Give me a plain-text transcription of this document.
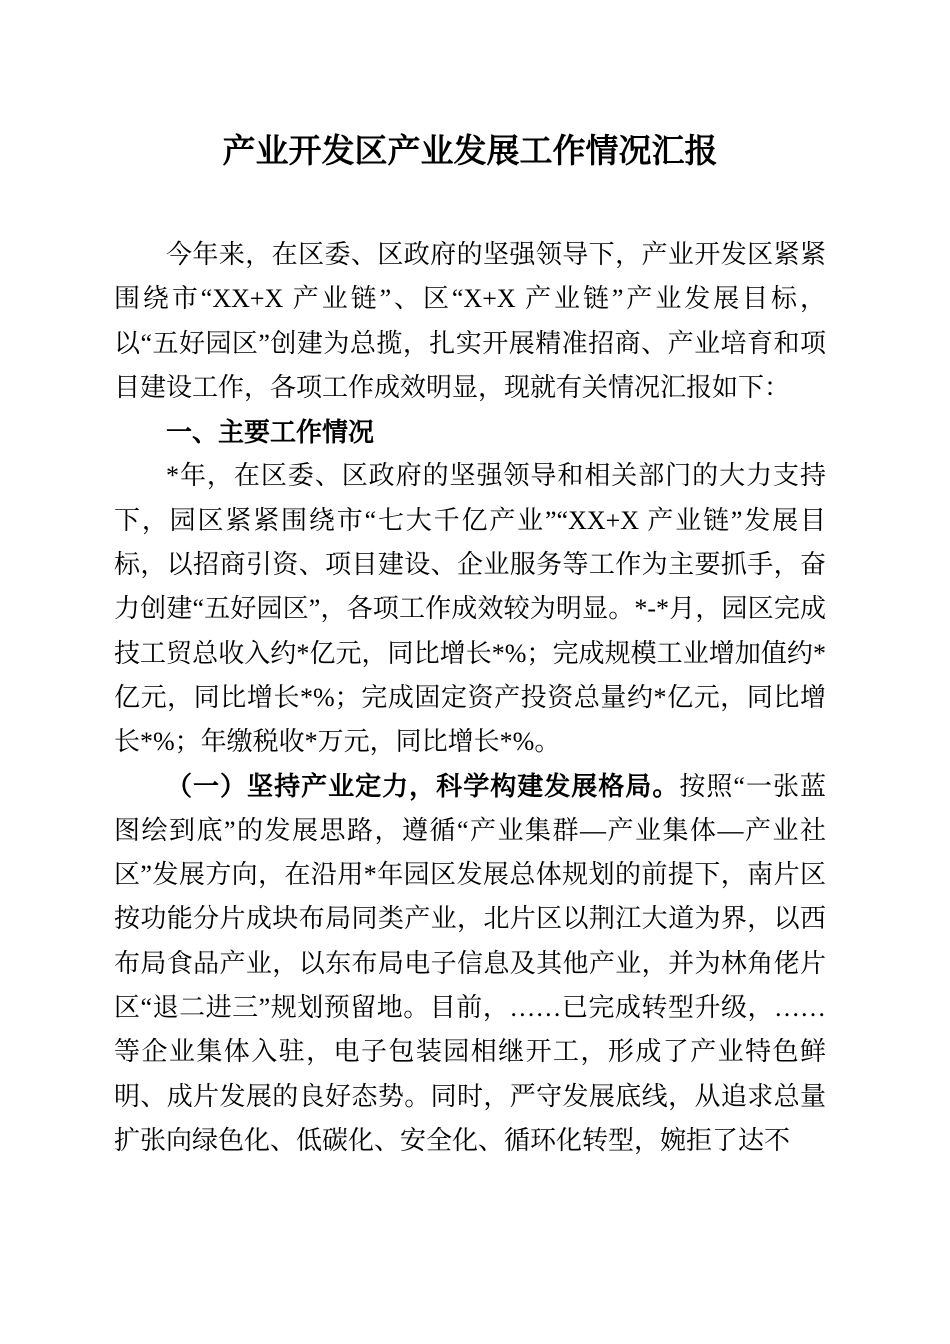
产业开发区产业发展工作情况汇报

今年来，在区委、区政府的坚强领导下，产业开发区紧紧围绕市“XX+X 产业链”、区“X+X 产业链”产业发展目标，以“五好园区”创建为总揽，扎实开展精准招商、产业培育和项目建设工作，各项工作成效明显，现就有关情况汇报如下：

一、主要工作情况

*年，在区委、区政府的坚强领导和相关部门的大力支持下，园区紧紧围绕市“七大千亿产业”“XX+X 产业链”发展目标，以招商引资、项目建设、企业服务等工作为主要抓手，奋力创建“五好园区”，各项工作成效较为明显。*-*月，园区完成技工贸总收入约*亿元，同比增长*%；完成规模工业增加值约*亿元，同比增长*%；完成固定资产投资总量约*亿元，同比增长*%；年缴税收*万元，同比增长*%。

（一）坚持产业定力，科学构建发展格局。按照“一张蓝图绘到底”的发展思路，遵循“产业集群—产业集体—产业社区”发展方向，在沿用*年园区发展总体规划的前提下，南片区按功能分片成块布局同类产业，北片区以荆江大道为界，以西布局食品产业，以东布局电子信息及其他产业，并为林角佬片区“退二进三”规划预留地。目前，……已完成转型升级，……等企业集体入驻，电子包装园相继开工，形成了产业特色鲜明、成片发展的良好态势。同时，严守发展底线，从追求总量扩张向绿色化、低碳化、安全化、循环化转型，婉拒了达不
